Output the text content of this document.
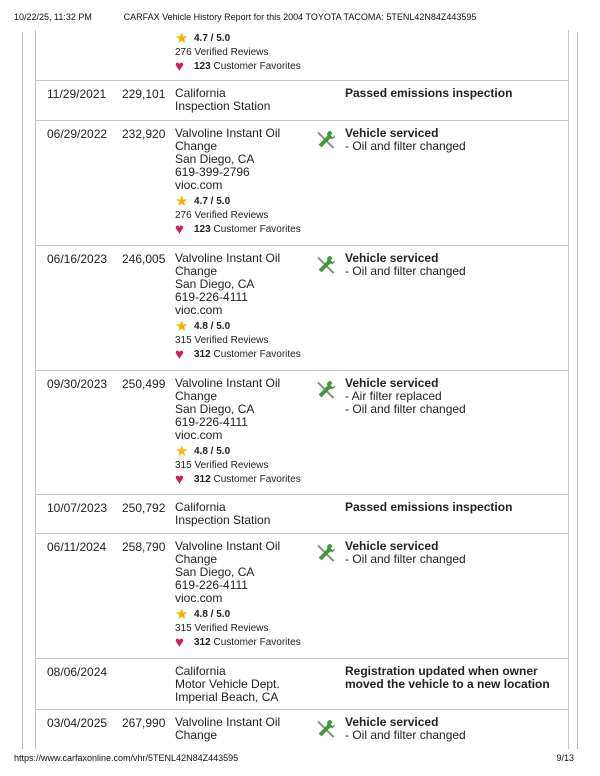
10/22/25, 11:32 PM	CARFAX Vehicle History Report for this 2004 TOYOTA TACOMA: 5TENL42N84Z443595
★ 4.7 / 5.0
276 Verified Reviews
♥	123
Customer Favorites
11/29/2021 229,101 California
Inspection Station
Passed emissions inspection
06/29/2022 232,920 Valvoline Instant Oil
Change
San Diego, CA
619-399-2796
vioc.com
★ 4.7 / 5.0
276 Verified Reviews
♥	123
Customer Favorites
Vehicle serviced
- Oil and filter changed
06/16/2023 246,005 Valvoline Instant Oil
Change
San Diego, CA
619-226-4111
vioc.com
★ 4.8 / 5.0
315 Verified Reviews
♥	312
Customer Favorites
Vehicle serviced
- Oil and filter changed
09/30/2023 250,499 Valvoline Instant Oil
Change
San Diego, CA
619-226-4111
vioc.com
★ 4.8 / 5.0
315 Verified Reviews
♥	312
Customer Favorites
Vehicle serviced
- Air filter replaced
- Oil and filter changed
10/07/2023 250,792 California
Inspection Station
Passed emissions inspection
06/11/2024 258,790 Valvoline Instant Oil
Change
San Diego, CA
619-226-4111
vioc.com
★ 4.8 / 5.0
315 Verified Reviews
♥	312
Customer Favorites
Vehicle serviced
- Oil and filter changed
08/06/2024	California
Motor Vehicle Dept.
Imperial Beach, CA
Registration updated when owner moved the vehicle to a new location
03/04/2025 267,990 Valvoline Instant Oil
Change
Vehicle serviced
- Oil and filter changed
https://www.carfaxonline.com/vhr/5TENL42N84Z443595	9/13
